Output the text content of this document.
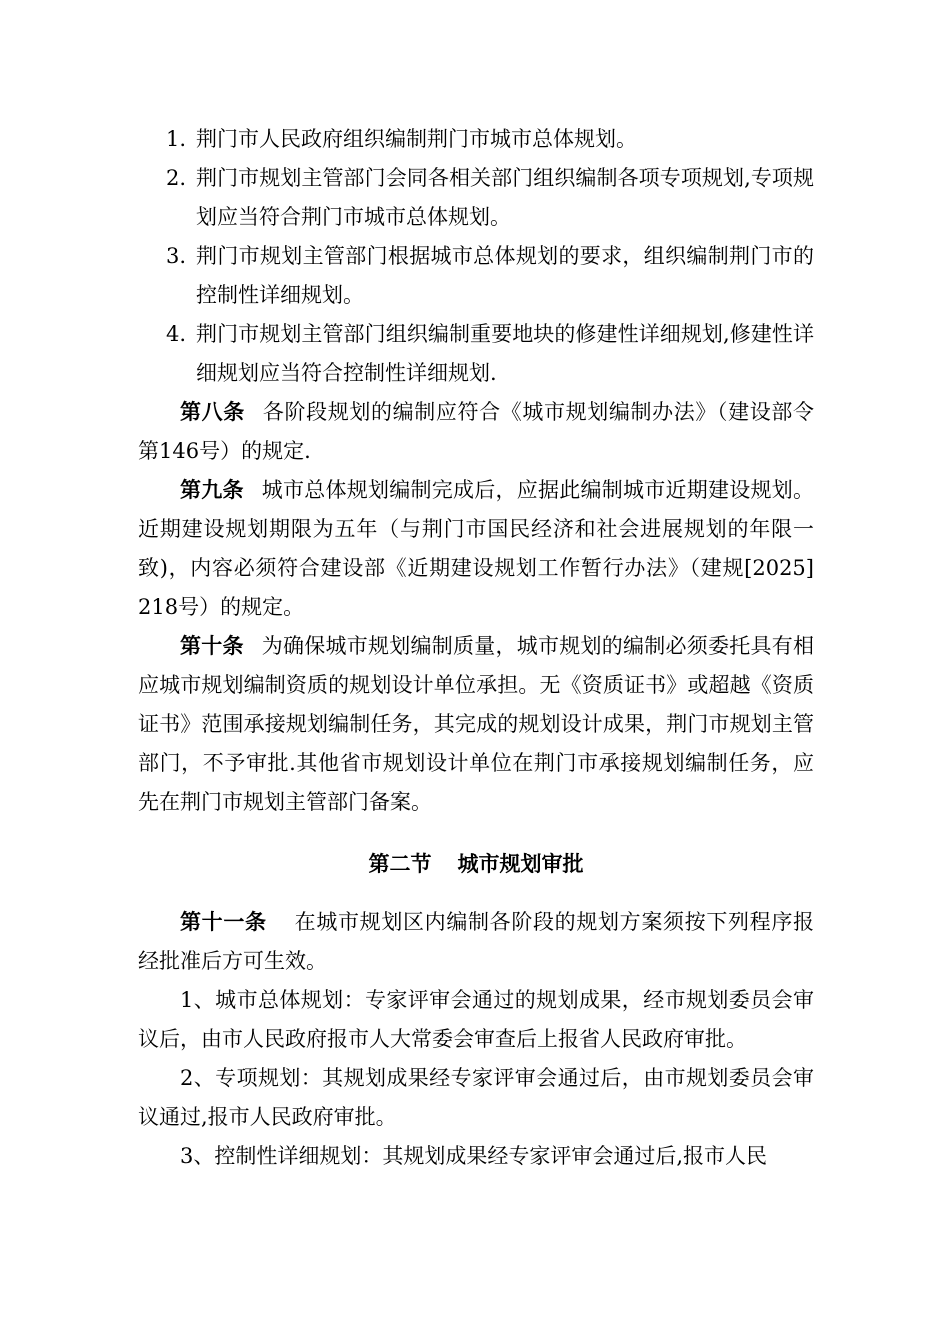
1. 荆门市人民政府组织编制荆门市城市总体规划。
2. 荆门市规划主管部门会同各相关部门组织编制各项专项规划,专项规划应当符合荆门市城市总体规划。
3. 荆门市规划主管部门根据城市总体规划的要求，组织编制荆门市的控制性详细规划。
4. 荆门市规划主管部门组织编制重要地块的修建性详细规划,修建性详细规划应当符合控制性详细规划.
第八条 各阶段规划的编制应符合《城市规划编制办法》（建设部令 第146号）的规定.
第九条 城市总体规划编制完成后，应据此编制城市近期建设规划。近期建设规划期限为五年（与荆门市国民经济和社会进展规划的年限一致)，内容必须符合建设部《近期建设规划工作暂行办法》（建规[2025] 218号）的规定。
第十条 为确保城市规划编制质量，城市规划的编制必须委托具有相应城市规划编制资质的规划设计单位承担。无《资质证书》或超越《资质证书》范围承接规划编制任务，其完成的规划设计成果，荆门市规划主管部门，不予审批.其他省市规划设计单位在荆门市承接规划编制任务，应先在荆门市规划主管部门备案。
第二节 城市规划审批
第十一条 在城市规划区内编制各阶段的规划方案须按下列程序报经批准后方可生效。
1、城市总体规划：专家评审会通过的规划成果，经市规划委员会审议后，由市人民政府报市人大常委会审查后上报省人民政府审批。
2、专项规划：其规划成果经专家评审会通过后，由市规划委员会审议通过,报市人民政府审批。
3、控制性详细规划：其规划成果经专家评审会通过后,报市人民
